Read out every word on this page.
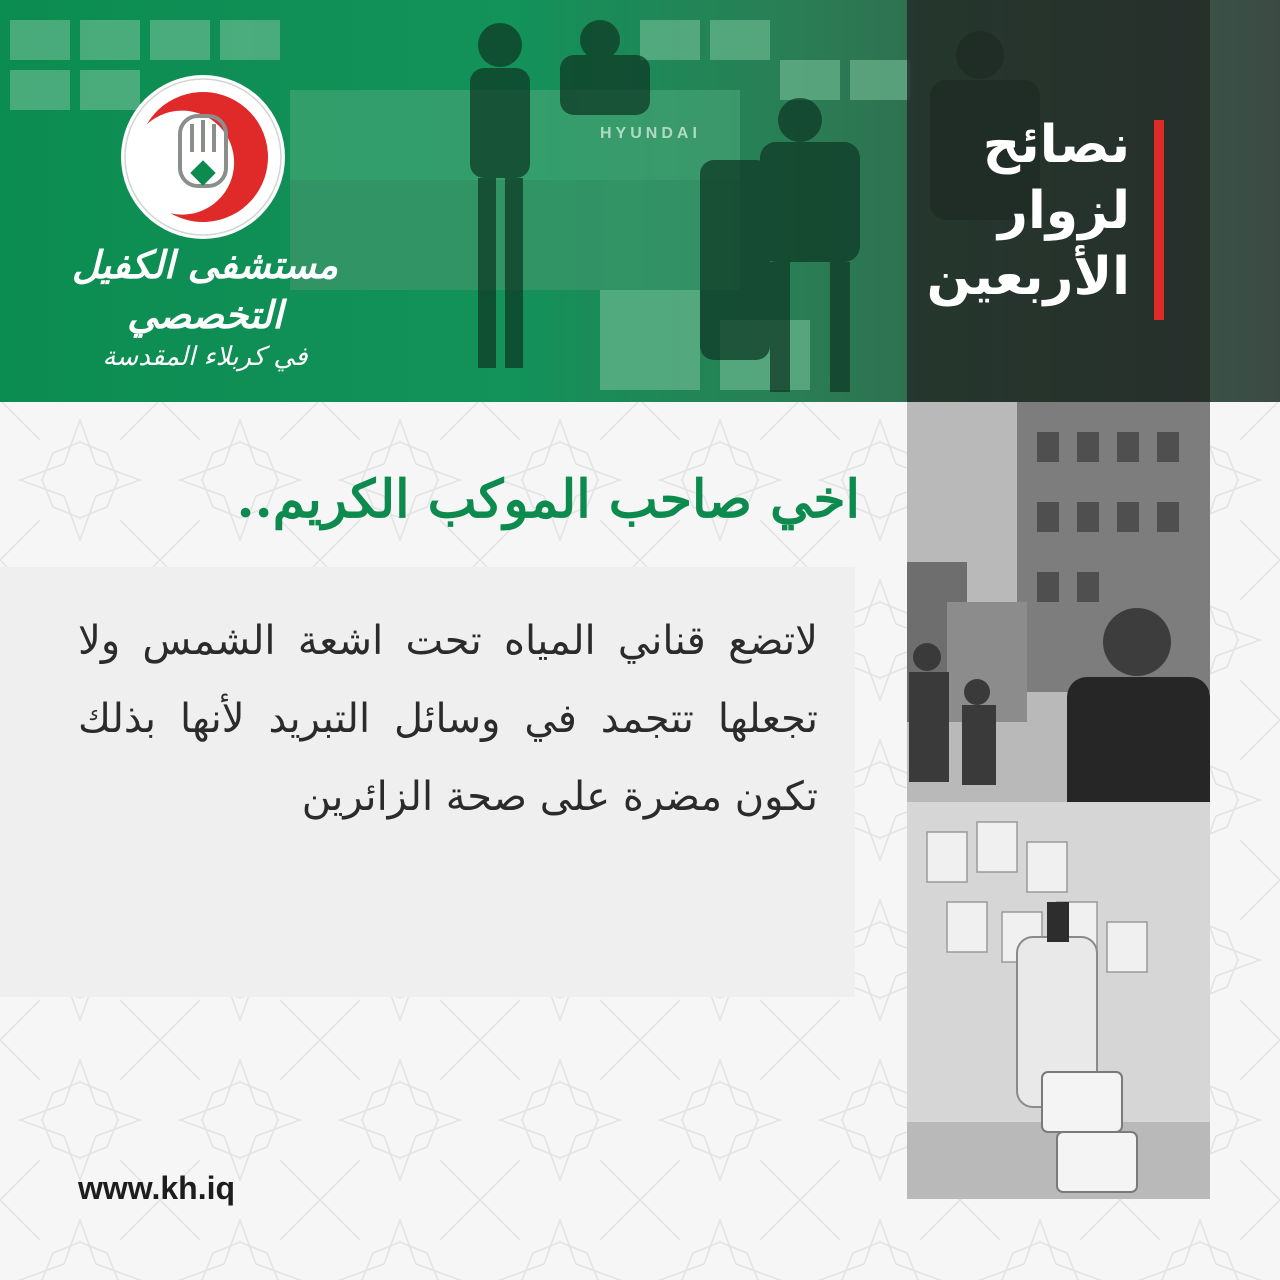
HYUNDAI
مستشفى الكفيل التخصصي
في كربلاء المقدسة
نصائح
لزوار
الأربعين
اخي صاحب الموكب الكريم..
لاتضع قناني المياه تحت اشعة الشمس ولا تجعلها تتجمد في وسائل التبريد لأنها بذلك تكون مضرة على صحة الزائرين
www.kh.iq
